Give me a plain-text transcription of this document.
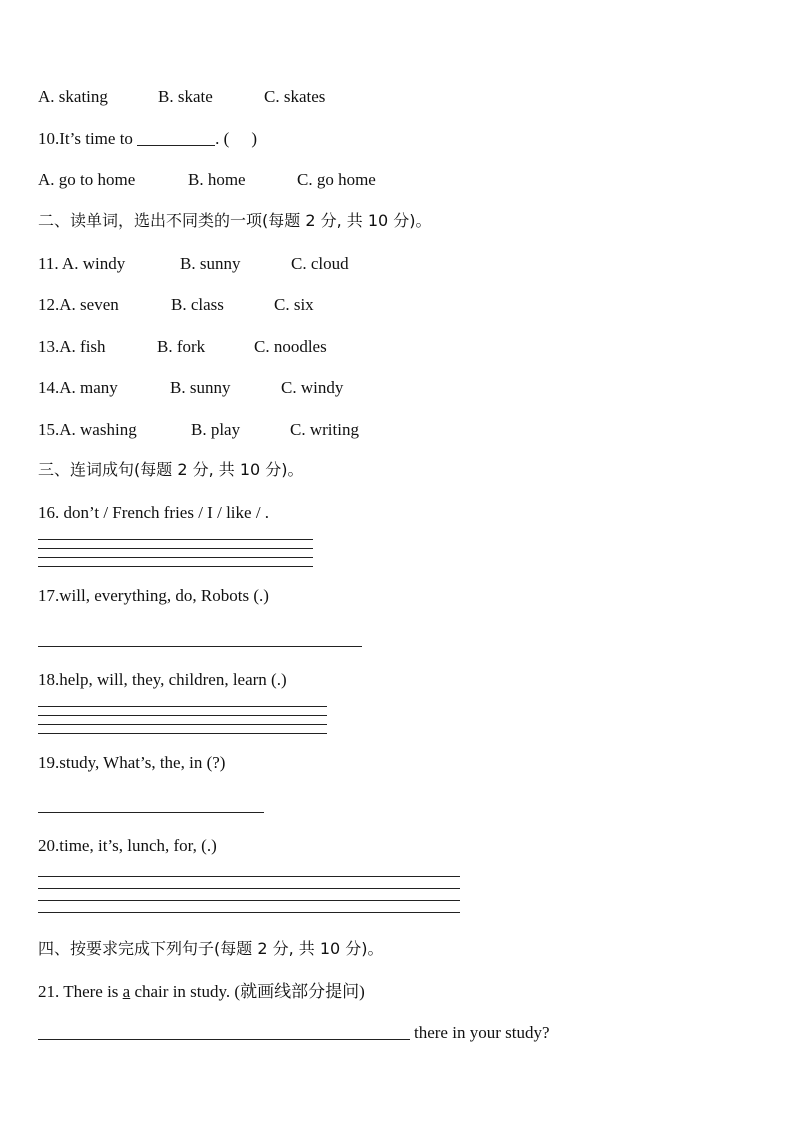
A. skating	B. skate	C. skates
10.It’s time to	. ( )
A. go to home	B. home	C. go home
二、读单词，选出不同类的一项(每题 2 分, 共 10 分)。
11. A. windy	B. sunny	C. cloud
12.A. seven	B. class	C. six
13.A. fish	B. fork	C. noodles
14.A. many	B. sunny	C. windy
15.A. washing	B. play	C. writing
三、连词成句(每题 2 分, 共 10 分)。
16. don’t / French fries / I / like / .
17.will, everything, do, Robots (.)
18.help, will, they, children, learn (.)
19.study, What’s, the, in (?)
20.time, it’s, lunch, for, (.)
四、按要求完成下列句子(每题 2 分, 共 10 分)。
21. There is a chair in study. (就画线部分提问)
there in your study?
